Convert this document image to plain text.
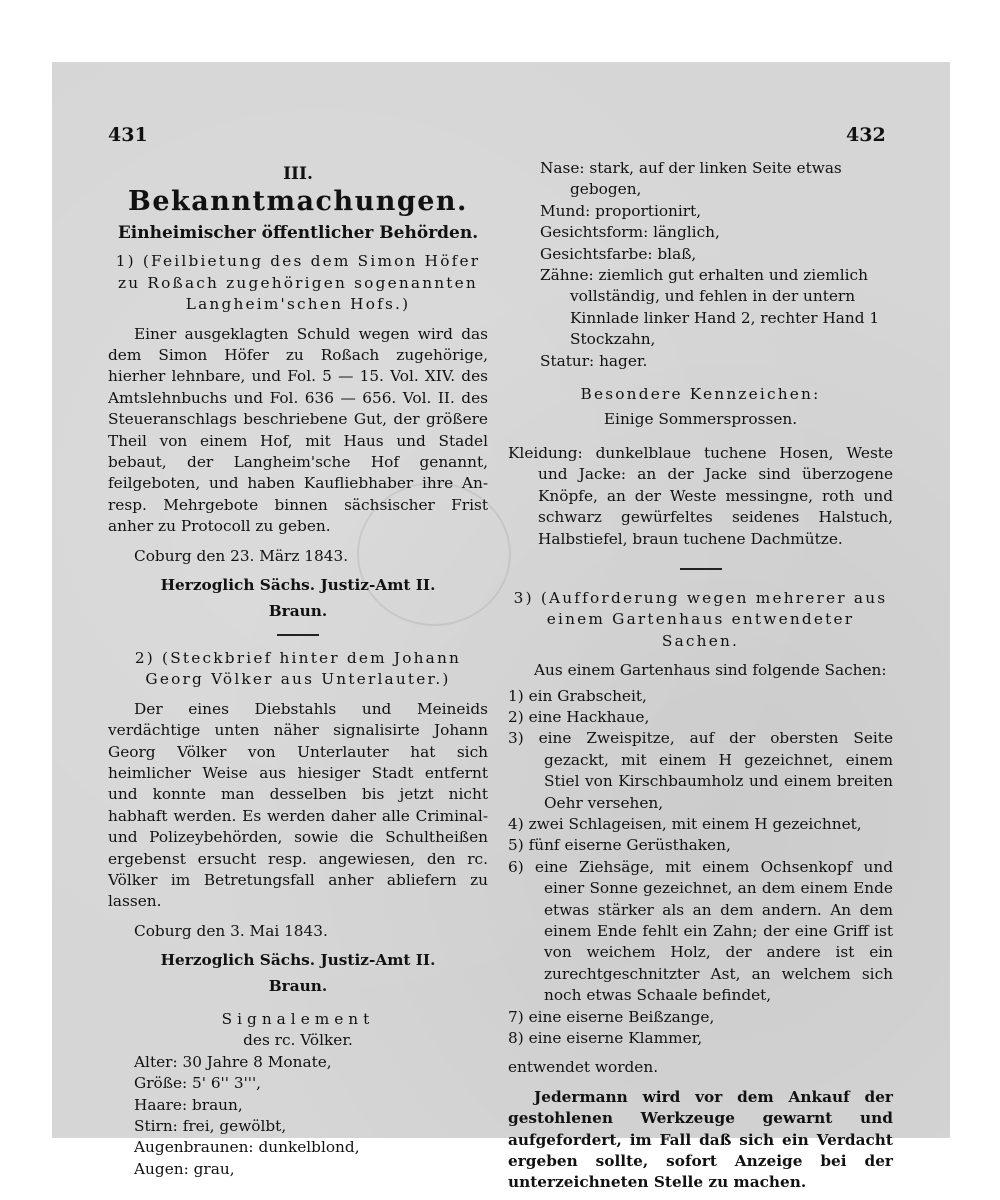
431	432

III.

Bekanntmachungen.

Einheimischer öffentlicher Behörden.

1) (Feilbietung des dem Simon Höfer zu Roßach zugehörigen sogenannten Langheim'schen Hofs.)

Einer ausgeklagten Schuld wegen wird das dem Simon Höfer zu Roßach zugehörige, hierher lehnbare, und Fol. 5 — 15. Vol. XIV. des Amtslehnbuchs und Fol. 636 — 656. Vol. II. des Steueranschlags beschriebene Gut, der größere Theil von einem Hof, mit Haus und Stadel bebaut, der Langheim'sche Hof genannt, feilgeboten, und haben Kaufliebhaber ihre An- resp. Mehrgebote binnen sächsischer Frist anher zu Protocoll zu geben.

Coburg den 23. März 1843.

Herzoglich Sächs. Justiz-Amt II.

Braun.

2) (Steckbrief hinter dem Johann Georg Völker aus Unterlauter.)

Der eines Diebstahls und Meineids verdächtige unten näher signalisirte Johann Georg Völker von Unterlauter hat sich heimlicher Weise aus hiesiger Stadt entfernt und konnte man desselben bis jetzt nicht habhaft werden. Es werden daher alle Criminal- und Polizeybehörden, sowie die Schultheißen ergebenst ersucht resp. angewiesen, den rc. Völker im Betretungsfall anher abliefern zu lassen.

Coburg den 3. Mai 1843.

Herzoglich Sächs. Justiz-Amt II.

Braun.

Signalement

des rc. Völker.

Alter: 30 Jahre 8 Monate,
Größe: 5' 6'' 3''',
Haare: braun,
Stirn: frei, gewölbt,
Augenbraunen: dunkelblond,
Augen: grau,
Nase: stark, auf der linken Seite etwas gebogen,
Mund: proportionirt,
Gesichtsform: länglich,
Gesichtsfarbe: blaß,
Zähne: ziemlich gut erhalten und ziemlich vollständig, und fehlen in der untern Kinnlade linker Hand 2, rechter Hand 1 Stockzahn,
Statur: hager.

Besondere Kennzeichen:

Einige Sommersprossen.

Kleidung: dunkelblaue tuchene Hosen, Weste und Jacke: an der Jacke sind überzogene Knöpfe, an der Weste messingne, roth und schwarz gewürfeltes seidenes Halstuch, Halbstiefel, braun tuchene Dachmütze.

3) (Aufforderung wegen mehrerer aus einem Gartenhaus entwendeter Sachen.

Aus einem Gartenhaus sind folgende Sachen:

1) ein Grabscheit,
2) eine Hackhaue,
3) eine Zweispitze, auf der obersten Seite gezackt, mit einem H gezeichnet, einem Stiel von Kirschbaumholz und einem breiten Oehr versehen,
4) zwei Schlageisen, mit einem H gezeichnet,
5) fünf eiserne Gerüsthaken,
6) eine Ziehsäge, mit einem Ochsenkopf und einer Sonne gezeichnet, an dem einem Ende etwas stärker als an dem andern. An dem einem Ende fehlt ein Zahn; der eine Griff ist von weichem Holz, der andere ist ein zurechtgeschnitzter Ast, an welchem sich noch etwas Schaale befindet,
7) eine eiserne Beißzange,
8) eine eiserne Klammer,

entwendet worden.

Jedermann wird vor dem Ankauf der gestohlenen Werkzeuge gewarnt und aufgefordert, im Fall daß sich ein Verdacht ergeben sollte, sofort Anzeige bei der unterzeichneten Stelle zu machen.
